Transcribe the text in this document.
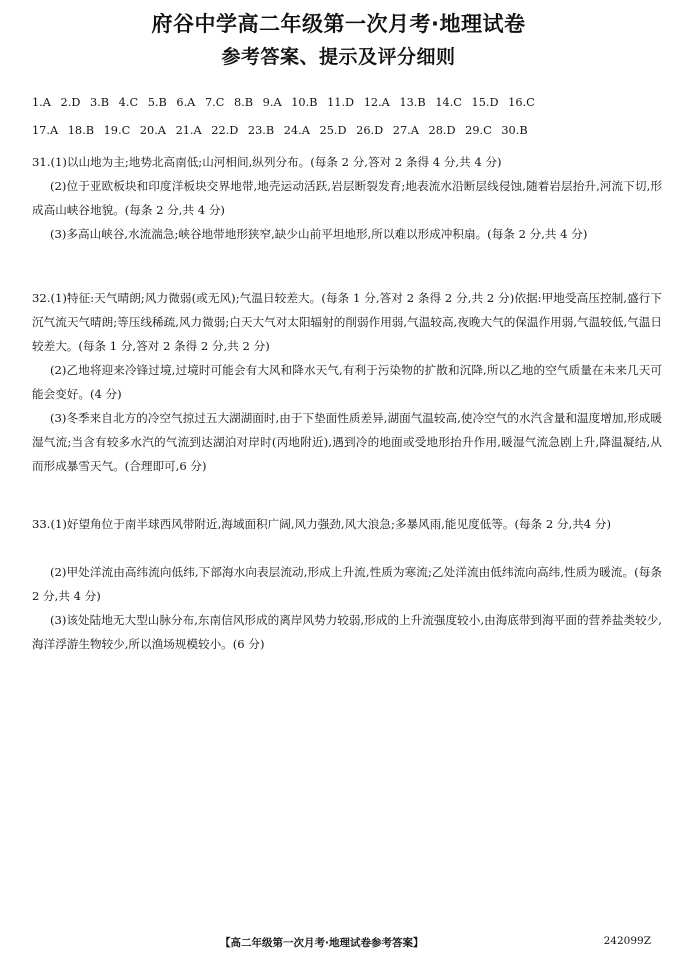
府谷中学高二年级第一次月考·地理试卷
参考答案、提示及评分细则
1.A 2.D 3.B 4.C 5.B 6.A 7.C 8.B 9.A 10.B 11.D 12.A 13.B 14.C 15.D 16.C
17.A 18.B 19.C 20.A 21.A 22.D 23.B 24.A 25.D 26.D 27.A 28.D 29.C 30.B

31.(1)以山地为主;地势北高南低;山河相间,纵列分布。(每条 2 分,答对 2 条得 4 分,共 4 分)

(2)位于亚欧板块和印度洋板块交界地带,地壳运动活跃,岩层断裂发育;地表流水沿断层线侵蚀,随着岩层抬升,河流下切,形成高山峡谷地貌。(每条 2 分,共 4 分)

(3)多高山峡谷,水流湍急;峡谷地带地形狭窄,缺少山前平坦地形,所以难以形成冲积扇。(每条 2 分,共 4 分)

32.(1)特征:天气晴朗;风力微弱(或无风);气温日较差大。(每条 1 分,答对 2 条得 2 分,共 2 分)依据:甲地受高压控制,盛行下沉气流天气晴朗;等压线稀疏,风力微弱;白天大气对太阳辐射的削弱作用弱,气温较高,夜晚大气的保温作用弱,气温较低,气温日较差大。(每条 1 分,答对 2 条得 2 分,共 2 分)

(2)乙地将迎来冷锋过境,过境时可能会有大风和降水天气,有利于污染物的扩散和沉降,所以乙地的空气质量在未来几天可能会变好。(4 分)

(3)冬季来自北方的冷空气掠过五大湖湖面时,由于下垫面性质差异,湖面气温较高,使冷空气的水汽含量和温度增加,形成暖湿气流;当含有较多水汽的气流到达湖泊对岸时(丙地附近),遇到冷的地面或受地形抬升作用,暖湿气流急剧上升,降温凝结,从而形成暴雪天气。(合理即可,6 分)

33.(1)好望角位于南半球西风带附近,海域面积广阔,风力强劲,风大浪急;多暴风雨,能见度低等。(每条 2 分,共4 分)

(2)甲处洋流由高纬流向低纬,下部海水向表层流动,形成上升流,性质为寒流;乙处洋流由低纬流向高纬,性质为暖流。(每条 2 分,共 4 分)

(3)该处陆地无大型山脉分布,东南信风形成的离岸风势力较弱,形成的上升流强度较小,由海底带到海平面的营养盐类较少,海洋浮游生物较少,所以渔场规模较小。(6 分)

【高二年级第一次月考·地理试卷参考答案】	242099Z
